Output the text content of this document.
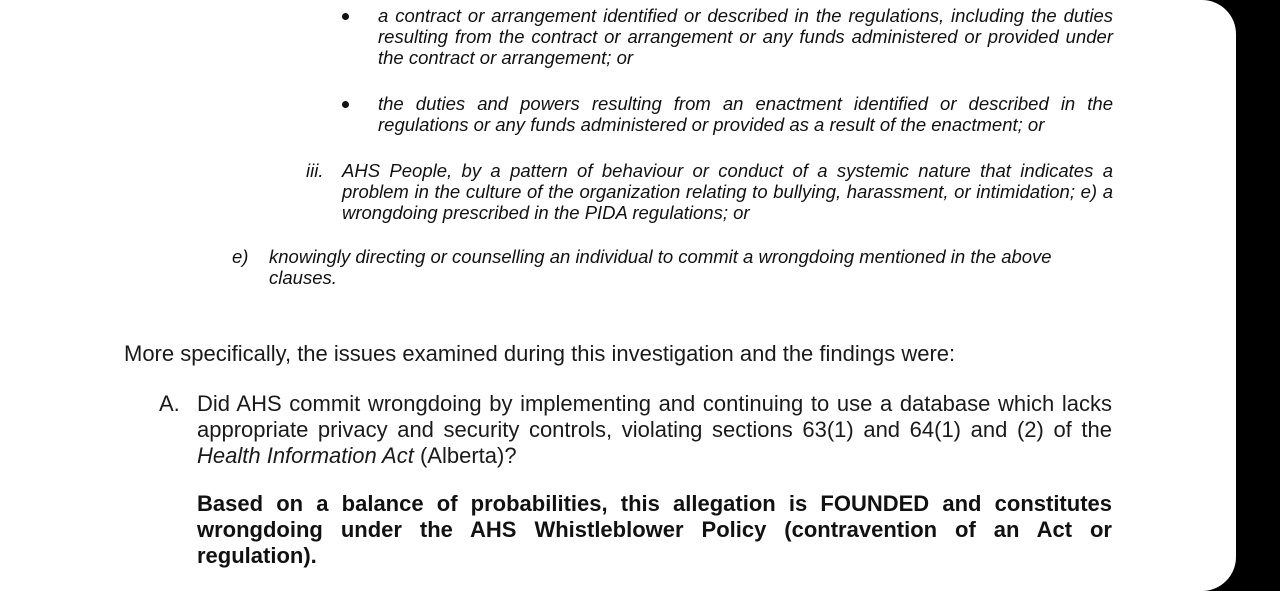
a contract or arrangement identified or described in the regulations, including the duties resulting from the contract or arrangement or any funds administered or provided under the contract or arrangement; or
the duties and powers resulting from an enactment identified or described in the regulations or any funds administered or provided as a result of the enactment; or
iii. AHS People, by a pattern of behaviour or conduct of a systemic nature that indicates a problem in the culture of the organization relating to bullying, harassment, or intimidation; e) a wrongdoing prescribed in the PIDA regulations; or
e) knowingly directing or counselling an individual to commit a wrongdoing mentioned in the above clauses.
More specifically, the issues examined during this investigation and the findings were:
A. Did AHS commit wrongdoing by implementing and continuing to use a database which lacks appropriate privacy and security controls, violating sections 63(1) and 64(1) and (2) of the Health Information Act (Alberta)?
Based on a balance of probabilities, this allegation is FOUNDED and constitutes wrongdoing under the AHS Whistleblower Policy (contravention of an Act or regulation).
